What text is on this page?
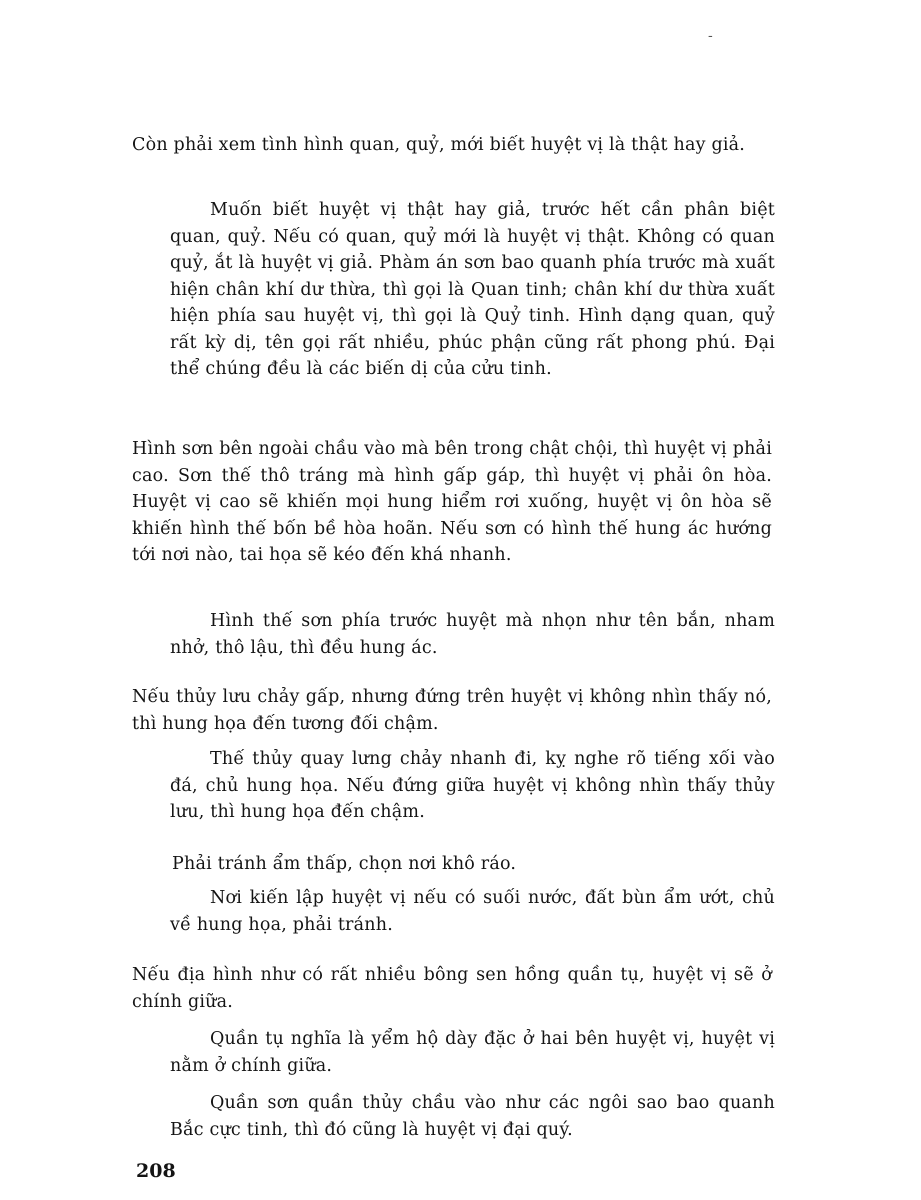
-

Còn phải xem tình hình quan, quỷ, mới biết huyệt vị là thật hay giả.

Muốn biết huyệt vị thật hay giả, trước hết cần phân biệt quan, quỷ. Nếu có quan, quỷ mới là huyệt vị thật. Không có quan quỷ, ắt là huyệt vị giả. Phàm án sơn bao quanh phía trước mà xuất hiện chân khí dư thừa, thì gọi là Quan tinh; chân khí dư thừa xuất hiện phía sau huyệt vị, thì gọi là Quỷ tinh. Hình dạng quan, quỷ rất kỳ dị, tên gọi rất nhiều, phúc phận cũng rất phong phú. Đại thể chúng đều là các biến dị của cửu tinh.

Hình sơn bên ngoài chầu vào mà bên trong chật chội, thì huyệt vị phải cao. Sơn thế thô tráng mà hình gấp gáp, thì huyệt vị phải ôn hòa. Huyệt vị cao sẽ khiến mọi hung hiểm rơi xuống, huyệt vị ôn hòa sẽ khiến hình thế bốn bề hòa hoãn. Nếu sơn có hình thế hung ác hướng tới nơi nào, tai họa sẽ kéo đến khá nhanh.

Hình thế sơn phía trước huyệt mà nhọn như tên bắn, nham nhở, thô lậu, thì đều hung ác.

Nếu thủy lưu chảy gấp, nhưng đứng trên huyệt vị không nhìn thấy nó, thì hung họa đến tương đối chậm.

Thế thủy quay lưng chảy nhanh đi, kỵ nghe rõ tiếng xối vào đá, chủ hung họa. Nếu đứng giữa huyệt vị không nhìn thấy thủy lưu, thì hung họa đến chậm.

Phải tránh ẩm thấp, chọn nơi khô ráo.

Nơi kiến lập huyệt vị nếu có suối nước, đất bùn ẩm ướt, chủ về hung họa, phải tránh.

Nếu địa hình như có rất nhiều bông sen hồng quần tụ, huyệt vị sẽ ở chính giữa.

Quần tụ nghĩa là yểm hộ dày đặc ở hai bên huyệt vị, huyệt vị nằm ở chính giữa.

Quần sơn quần thủy chầu vào như các ngôi sao bao quanh Bắc cực tinh, thì đó cũng là huyệt vị đại quý.

208
